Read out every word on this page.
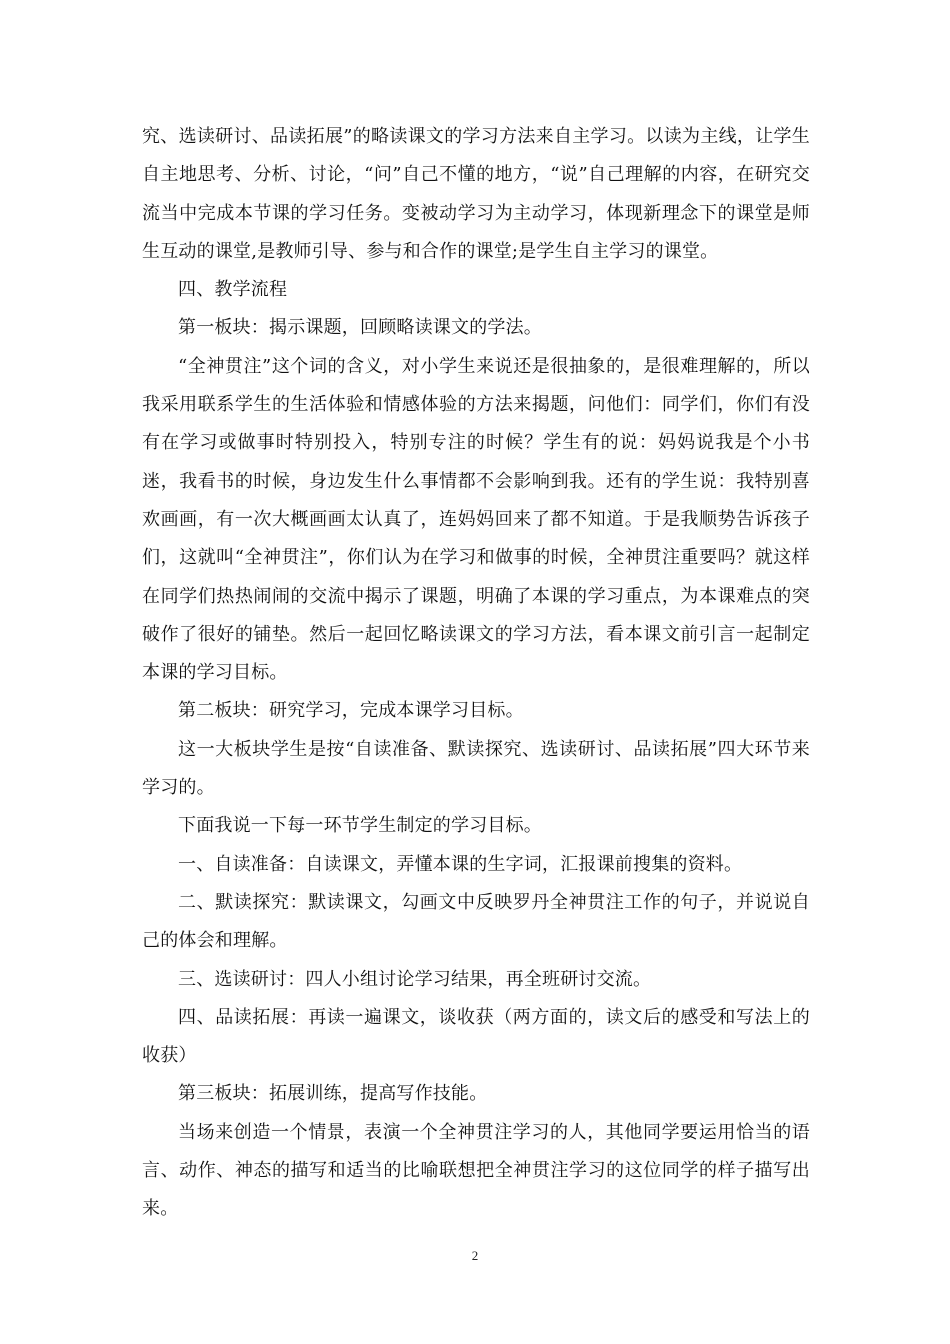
究、选读研讨、品读拓展”的略读课文的学习方法来自主学习。以读为主线，让学生自主地思考、分析、讨论，“问”自己不懂的地方，“说”自己理解的内容，在研究交流当中完成本节课的学习任务。变被动学习为主动学习，体现新理念下的课堂是师生互动的课堂,是教师引导、参与和合作的课堂;是学生自主学习的课堂。

四、教学流程

第一板块：揭示课题，回顾略读课文的学法。

“全神贯注”这个词的含义，对小学生来说还是很抽象的，是很难理解的，所以我采用联系学生的生活体验和情感体验的方法来揭题，问他们：同学们，你们有没有在学习或做事时特别投入，特别专注的时候？学生有的说：妈妈说我是个小书迷，我看书的时候，身边发生什么事情都不会影响到我。还有的学生说：我特别喜欢画画，有一次大概画画太认真了，连妈妈回来了都不知道。于是我顺势告诉孩子们，这就叫“全神贯注”，你们认为在学习和做事的时候，全神贯注重要吗？就这样在同学们热热闹闹的交流中揭示了课题，明确了本课的学习重点，为本课难点的突破作了很好的铺垫。然后一起回忆略读课文的学习方法，看本课文前引言一起制定本课的学习目标。

第二板块：研究学习，完成本课学习目标。

这一大板块学生是按“自读准备、默读探究、选读研讨、品读拓展”四大环节来学习的。

下面我说一下每一环节学生制定的学习目标。

一、自读准备：自读课文，弄懂本课的生字词，汇报课前搜集的资料。

二、默读探究：默读课文，勾画文中反映罗丹全神贯注工作的句子，并说说自己的体会和理解。

三、选读研讨：四人小组讨论学习结果，再全班研讨交流。

四、品读拓展：再读一遍课文，谈收获（两方面的，读文后的感受和写法上的收获）

第三板块：拓展训练，提高写作技能。

当场来创造一个情景，表演一个全神贯注学习的人，其他同学要运用恰当的语言、动作、神态的描写和适当的比喻联想把全神贯注学习的这位同学的样子描写出来。

2
